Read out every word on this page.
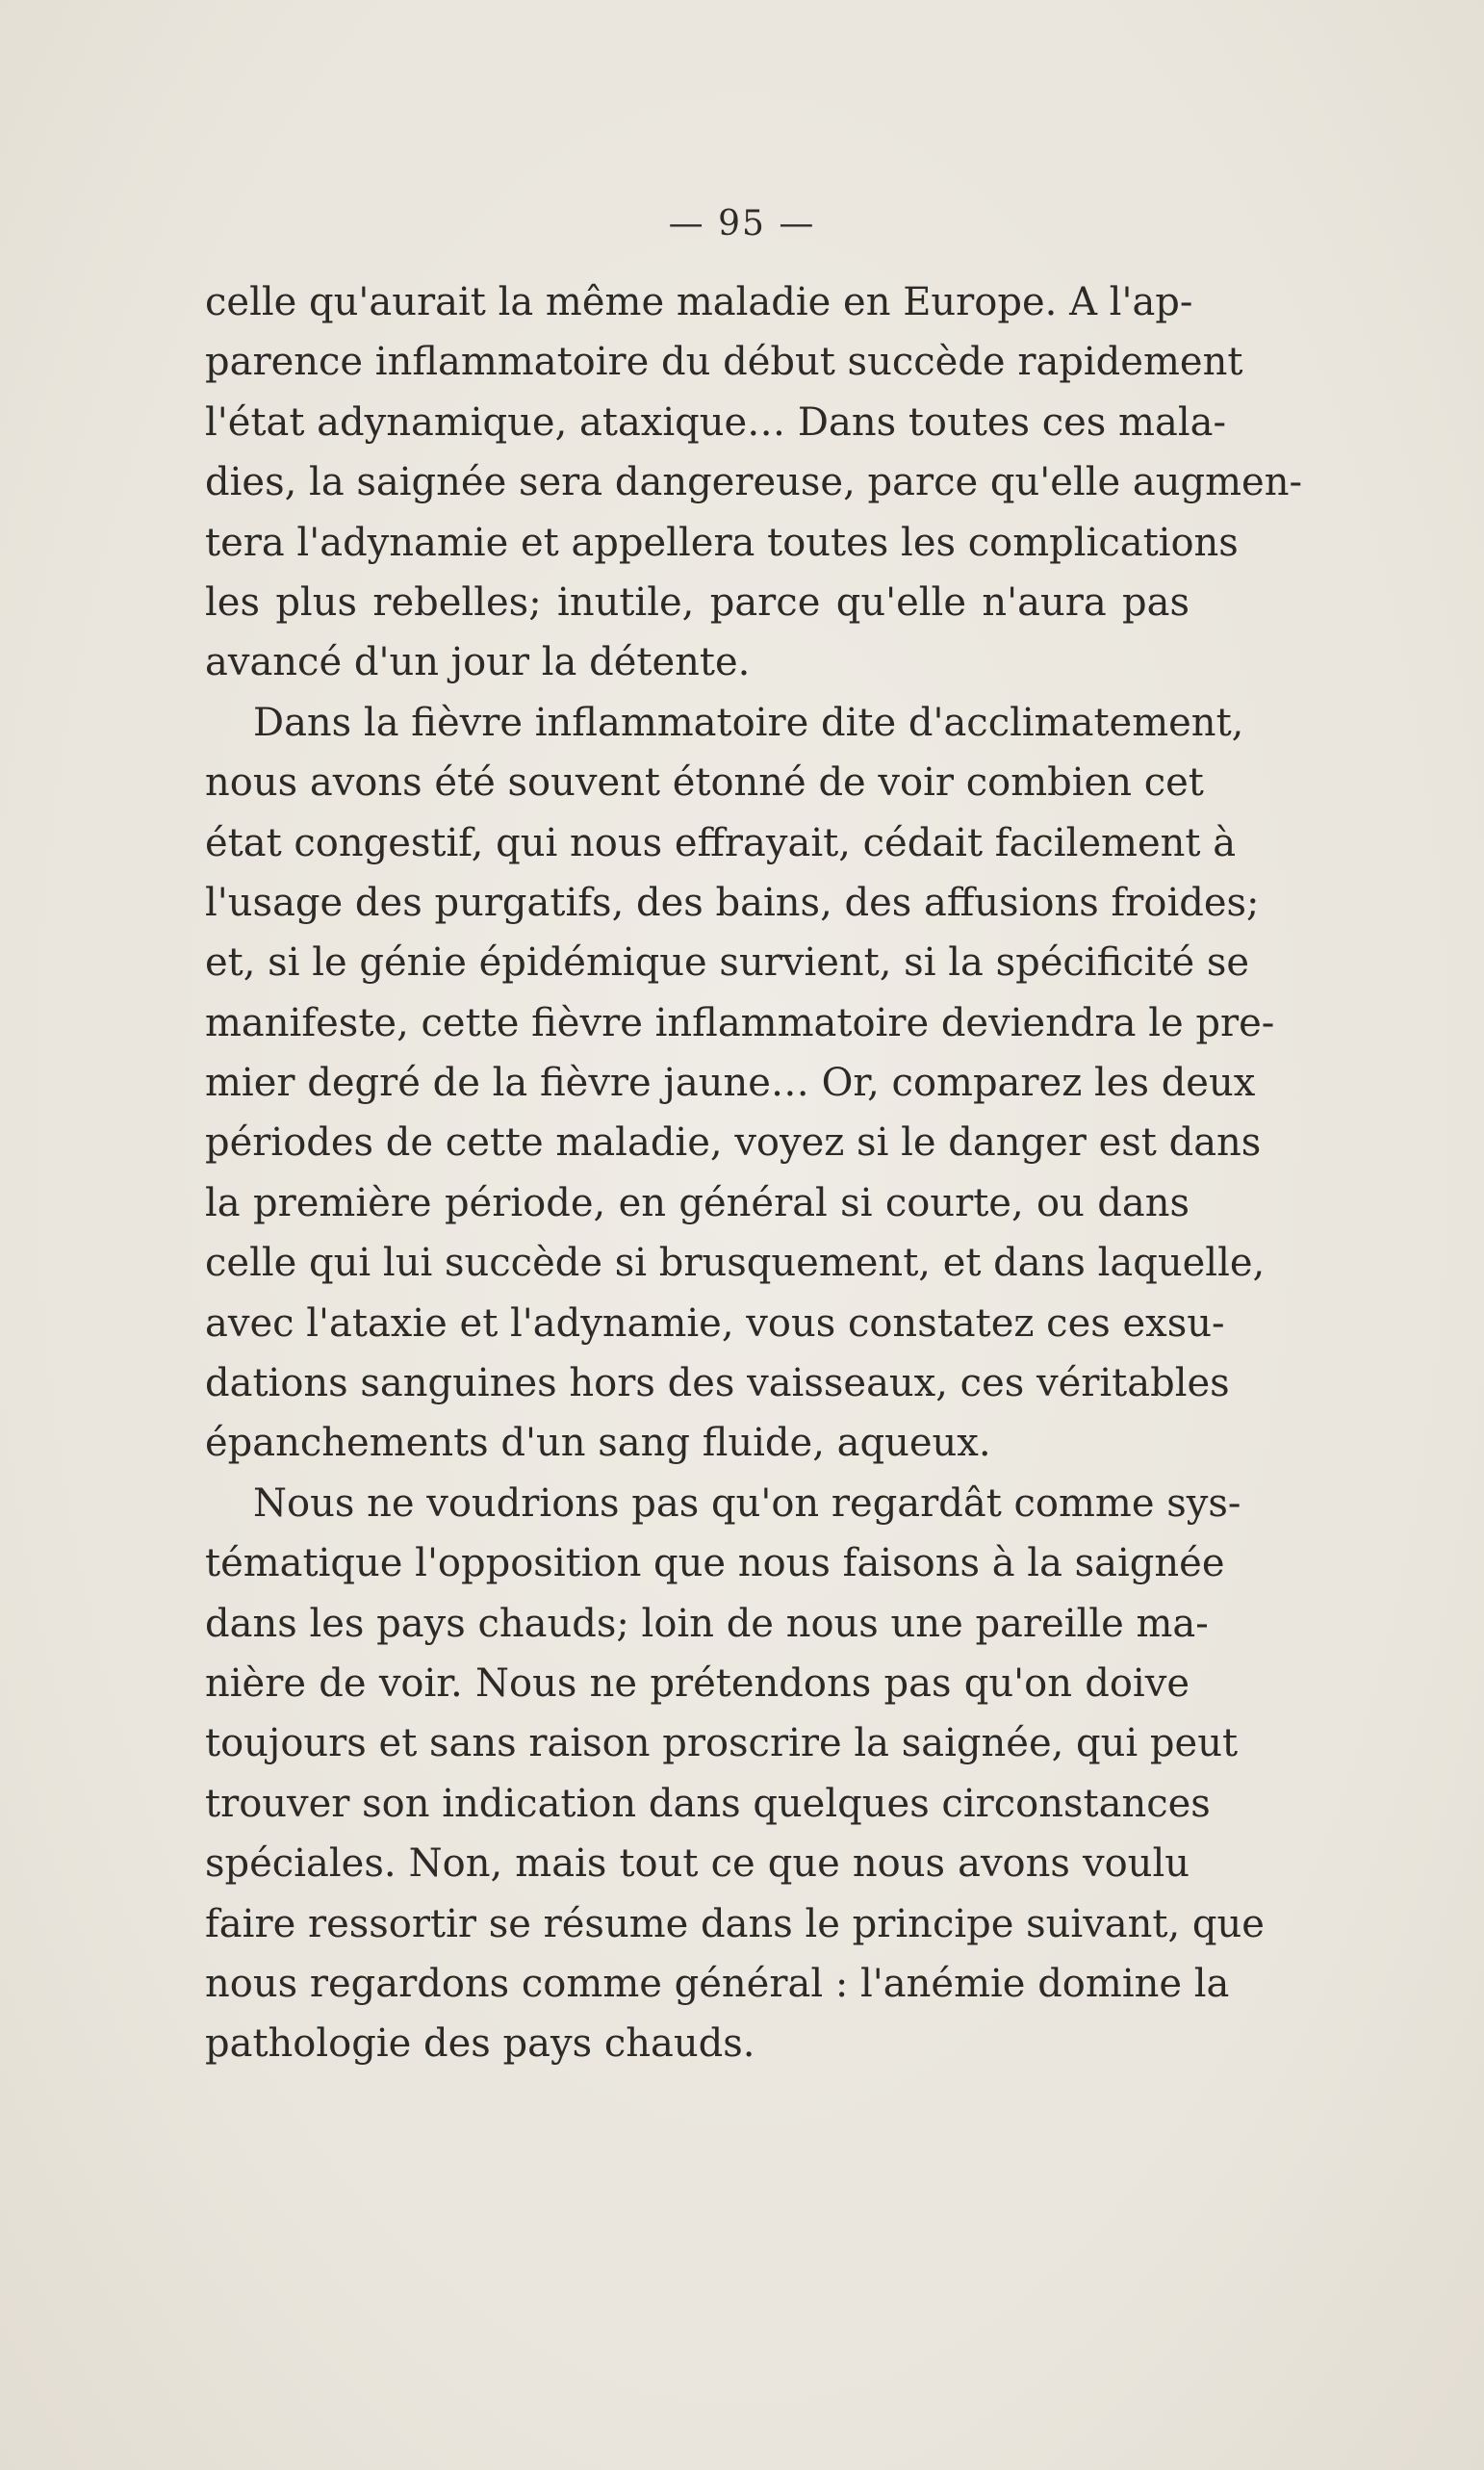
— 95 —
celle qu'aurait la même maladie en Europe. A l'ap-
parence inflammatoire du début succède rapidement
l'état adynamique, ataxique… Dans toutes ces mala-
dies, la saignée sera dangereuse, parce qu'elle augmen-
tera l'adynamie et appellera toutes les complications
les plus rebelles; inutile, parce qu'elle n'aura pas
avancé d'un jour la détente.
Dans la fièvre inflammatoire dite d'acclimatement,
nous avons été souvent étonné de voir combien cet
état congestif, qui nous effrayait, cédait facilement à
l'usage des purgatifs, des bains, des affusions froides;
et, si le génie épidémique survient, si la spécificité se
manifeste, cette fièvre inflammatoire deviendra le pre-
mier degré de la fièvre jaune… Or, comparez les deux
périodes de cette maladie, voyez si le danger est dans
la première période, en général si courte, ou dans
celle qui lui succède si brusquement, et dans laquelle,
avec l'ataxie et l'adynamie, vous constatez ces exsu-
dations sanguines hors des vaisseaux, ces véritables
épanchements d'un sang fluide, aqueux.
Nous ne voudrions pas qu'on regardât comme sys-
tématique l'opposition que nous faisons à la saignée
dans les pays chauds; loin de nous une pareille ma-
nière de voir. Nous ne prétendons pas qu'on doive
toujours et sans raison proscrire la saignée, qui peut
trouver son indication dans quelques circonstances
spéciales. Non, mais tout ce que nous avons voulu
faire ressortir se résume dans le principe suivant, que
nous regardons comme général : l'anémie domine la
pathologie des pays chauds.
